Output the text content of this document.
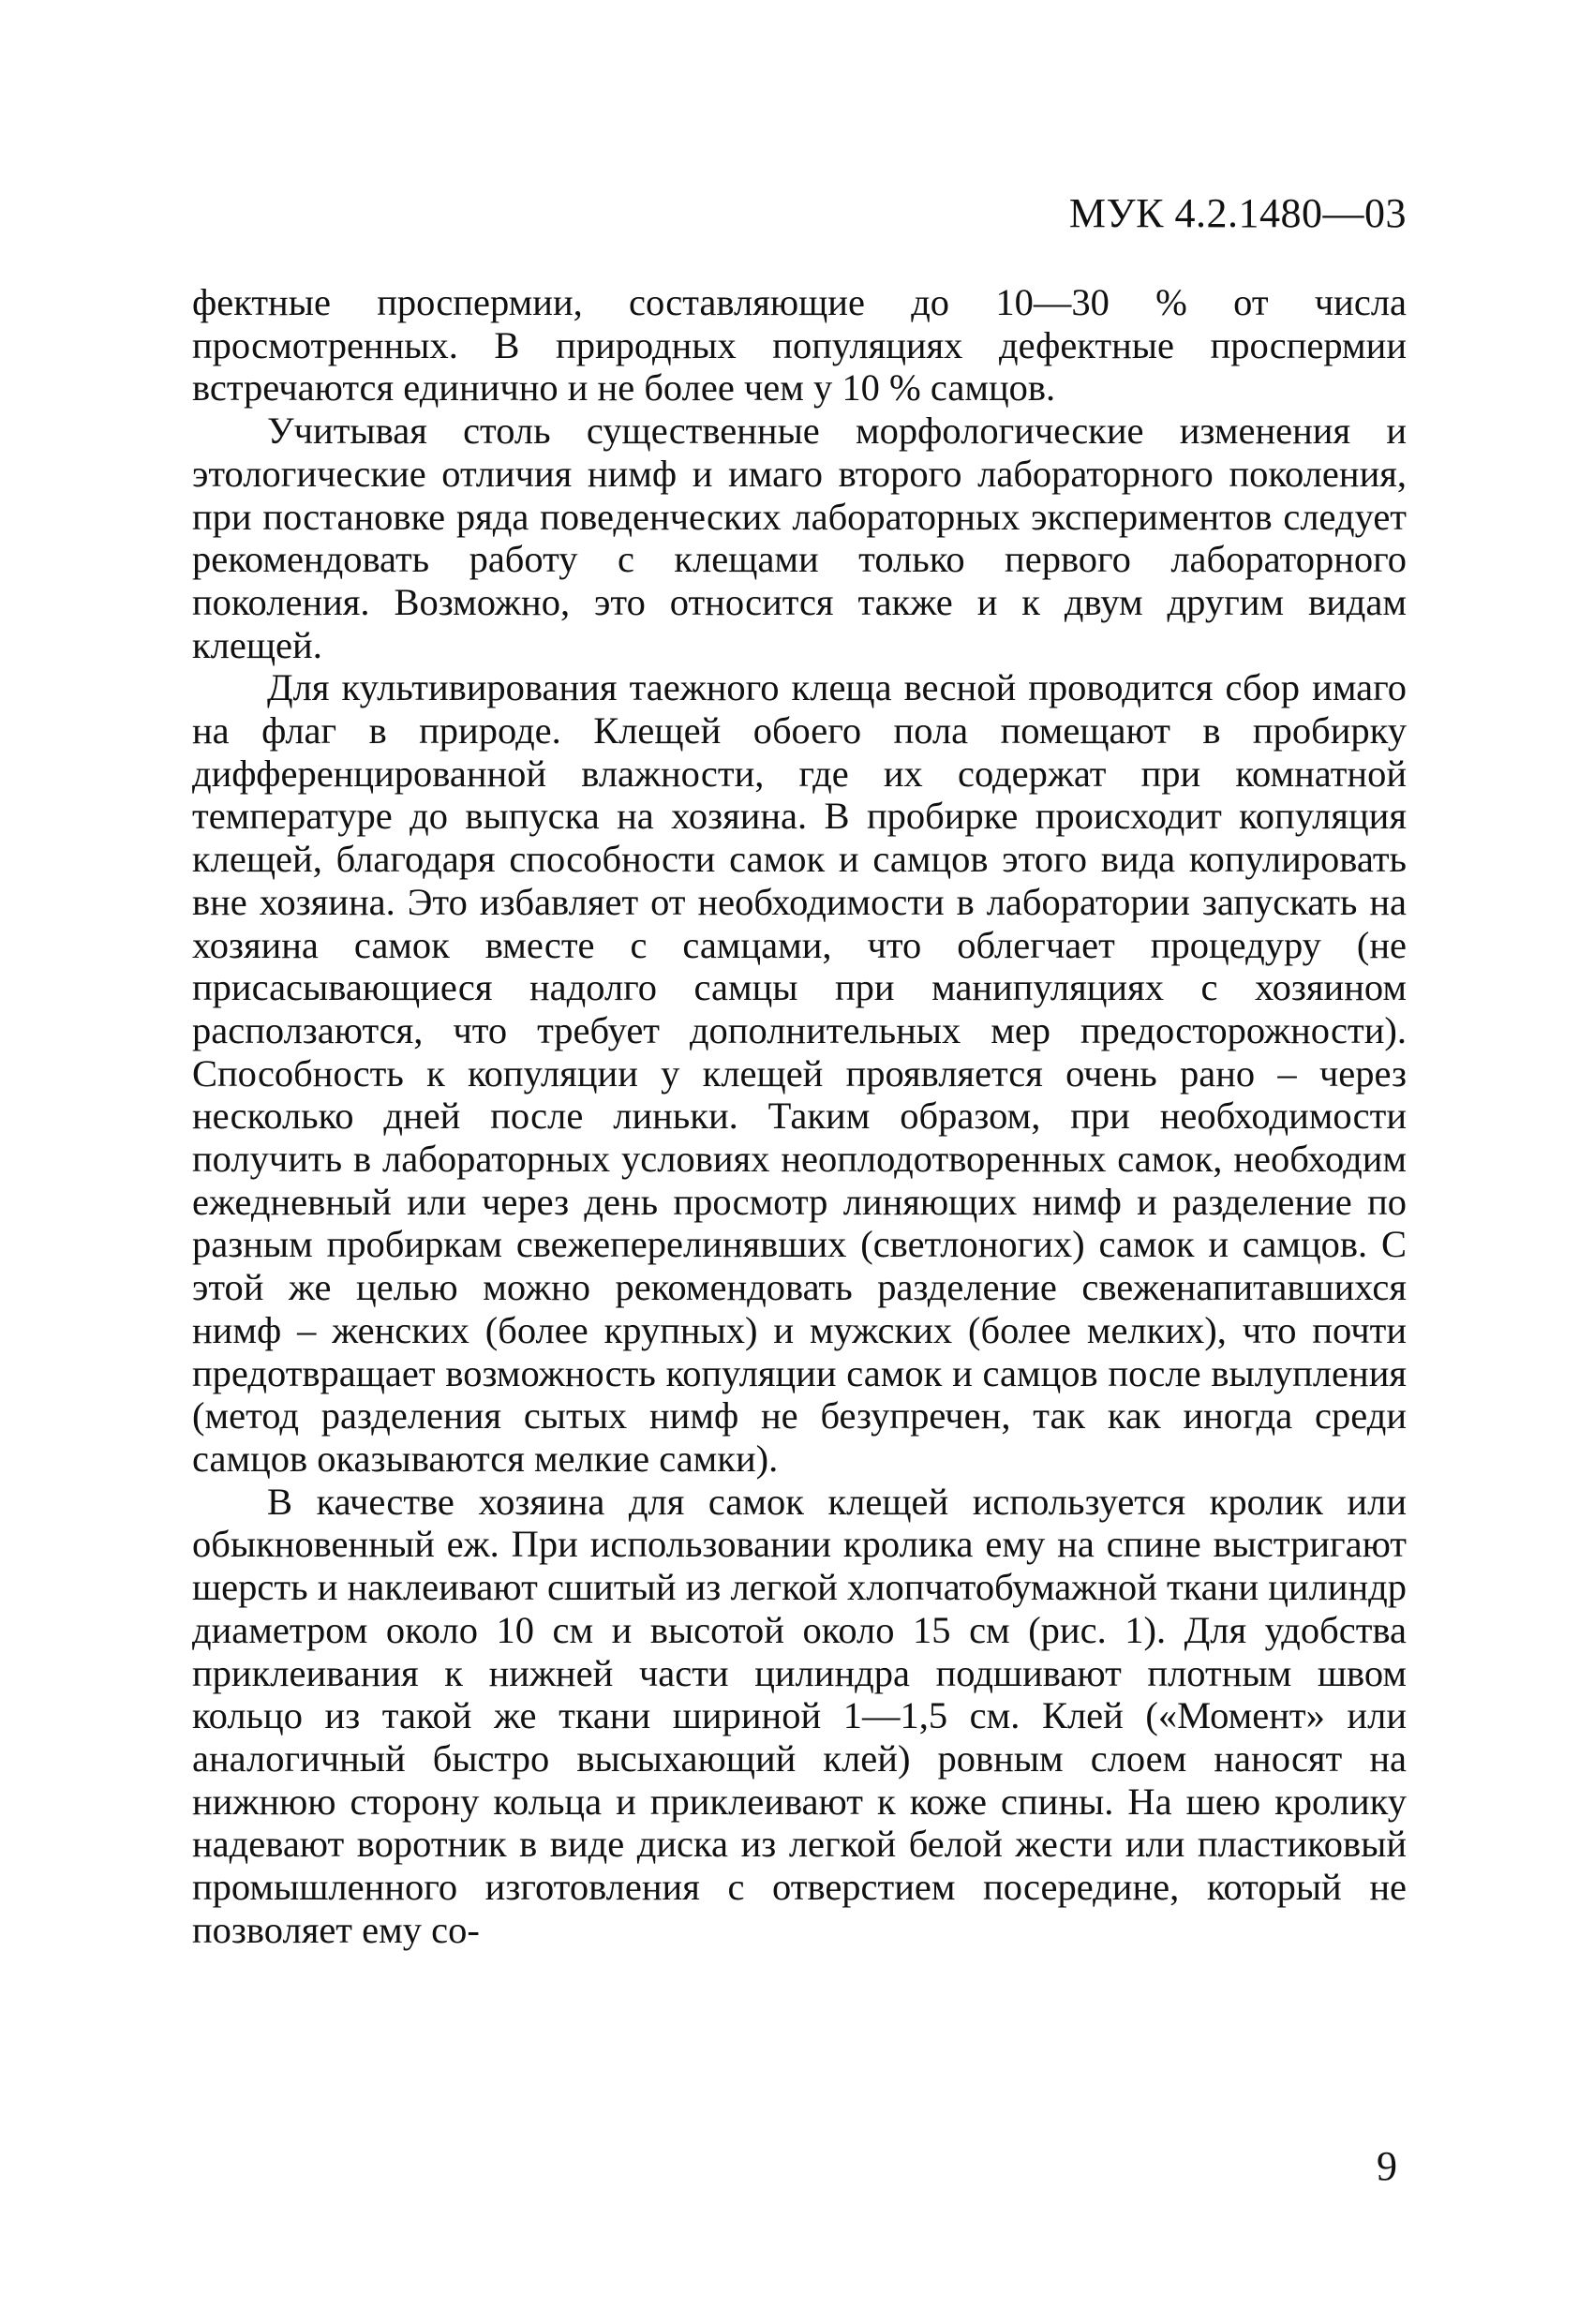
МУК 4.2.1480—03

фектные проспермии, составляющие до 10—30 % от числа просмотренных. В природных популяциях дефектные проспермии встречаются единично и не более чем у 10 % самцов.

Учитывая столь существенные морфологические изменения и этологические отличия нимф и имаго второго лабораторного поколения, при постановке ряда поведенческих лабораторных экспериментов следует рекомендовать работу с клещами только первого лабораторного поколения. Возможно, это относится также и к двум другим видам клещей.

Для культивирования таежного клеща весной проводится сбор имаго на флаг в природе. Клещей обоего пола помещают в пробирку дифференцированной влажности, где их содержат при комнатной температуре до выпуска на хозяина. В пробирке происходит копуляция клещей, благодаря способности самок и самцов этого вида копулировать вне хозяина. Это избавляет от необходимости в лаборатории запускать на хозяина самок вместе с самцами, что облегчает процедуру (не присасывающиеся надолго самцы при манипуляциях с хозяином расползаются, что требует дополнительных мер предосторожности). Способность к копуляции у клещей проявляется очень рано – через несколько дней после линьки. Таким образом, при необходимости получить в лабораторных условиях неоплодотворенных самок, необходим ежедневный или через день просмотр линяющих нимф и разделение по разным пробиркам свежеперелинявших (светлоногих) самок и самцов. С этой же целью можно рекомендовать разделение свеженапитавшихся нимф – женских (более крупных) и мужских (более мелких), что почти предотвращает возможность копуляции самок и самцов после вылупления (метод разделения сытых нимф не безупречен, так как иногда среди самцов оказываются мелкие самки).

В качестве хозяина для самок клещей используется кролик или обыкновенный еж. При использовании кролика ему на спине выстригают шерсть и наклеивают сшитый из легкой хлопчатобумажной ткани цилиндр диаметром около 10 см и высотой около 15 см (рис. 1). Для удобства приклеивания к нижней части цилиндра подшивают плотным швом кольцо из такой же ткани шириной 1—1,5 см. Клей («Момент» или аналогичный быстро высыхающий клей) ровным слоем наносят на нижнюю сторону кольца и приклеивают к коже спины. На шею кролику надевают воротник в виде диска из легкой белой жести или пластиковый промышленного изготовления с отверстием посередине, который не позволяет ему со-

9
